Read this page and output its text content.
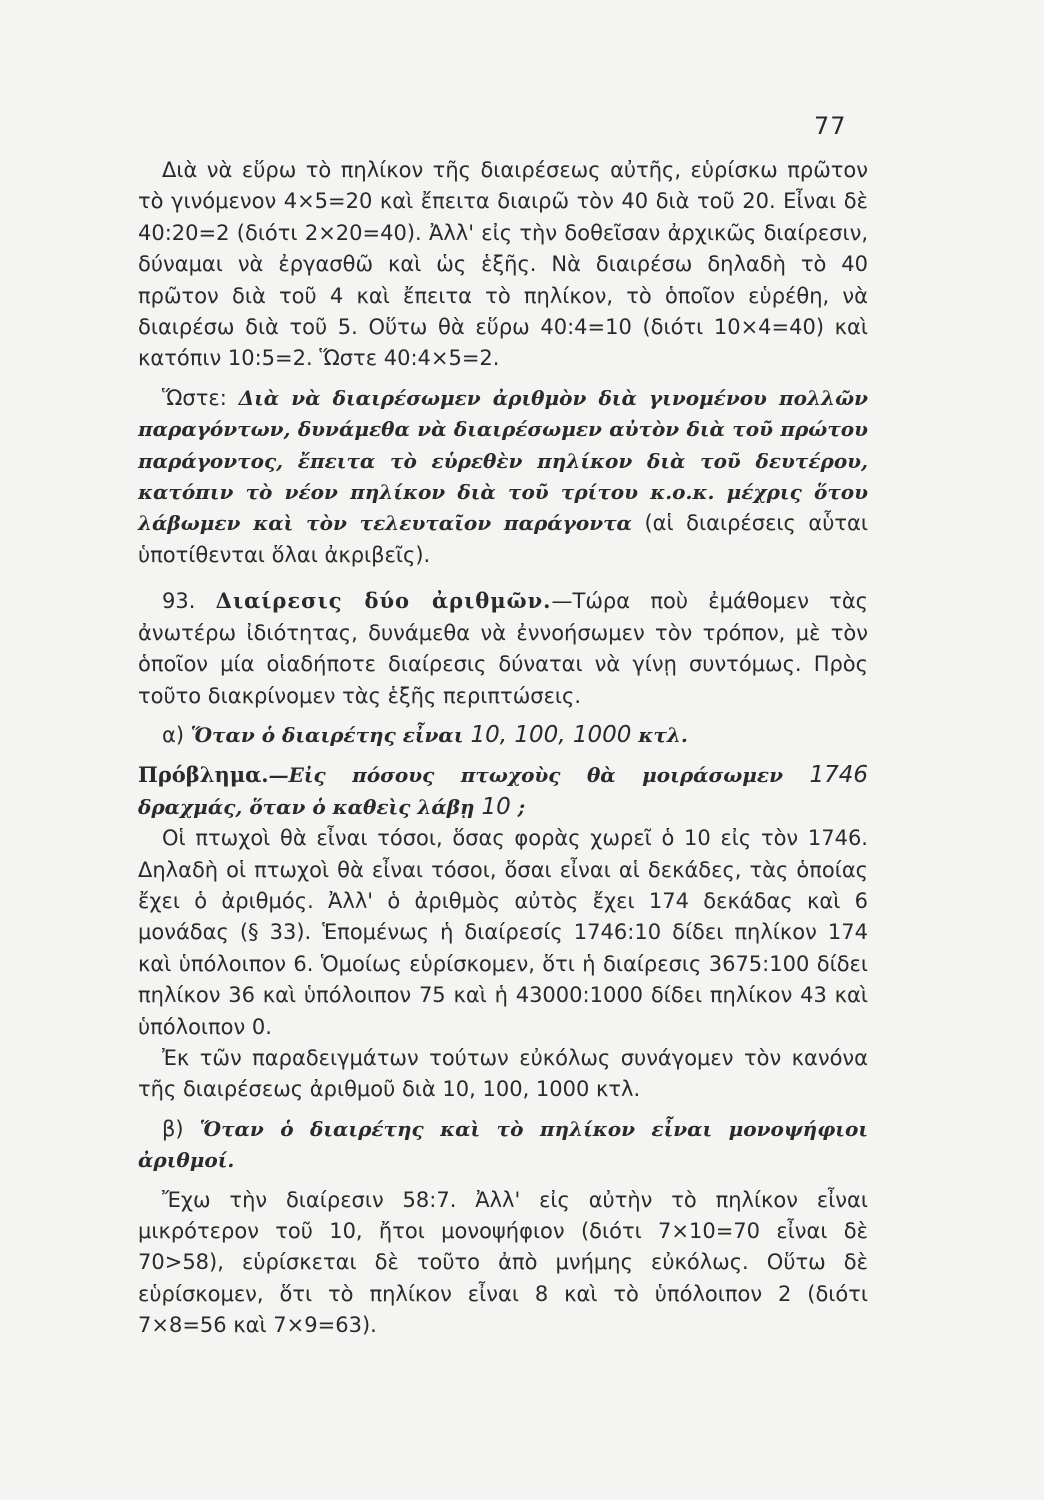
77

Διὰ νὰ εὕρω τὸ πηλίκον τῆς διαιρέσεως αὐτῆς, εὑρίσκω πρῶτον τὸ γινόμενον 4×5=20 καὶ ἔπειτα διαιρῶ τὸν 40 διὰ τοῦ 20. Εἶναι δὲ 40:20=2 (διότι 2×20=40). Ἀλλ' εἰς τὴν δοθεῖσαν ἀρχικῶς διαίρεσιν, δύναμαι νὰ ἐργασθῶ καὶ ὡς ἑξῆς. Νὰ διαιρέσω δηλαδὴ τὸ 40 πρῶτον διὰ τοῦ 4 καὶ ἔπειτα τὸ πηλίκον, τὸ ὁποῖον εὑρέθη, νὰ διαιρέσω διὰ τοῦ 5. Οὕτω θὰ εὕρω 40:4=10 (διότι 10×4=40) καὶ κατόπιν 10:5=2. Ὥστε 40:4×5=2.

Ὥστε: Διὰ νὰ διαιρέσωμεν ἀριθμὸν διὰ γινομένου πολλῶν παραγόντων, δυνάμεθα νὰ διαιρέσωμεν αὐτὸν διὰ τοῦ πρώτου παράγοντος, ἔπειτα τὸ εὑρεθὲν πηλίκον διὰ τοῦ δευτέρου, κατόπιν τὸ νέον πηλίκον διὰ τοῦ τρίτου κ.ο.κ. μέχρις ὅτου λάβωμεν καὶ τὸν τελευταῖον παράγοντα (αἱ διαιρέσεις αὗται ὑποτίθενται ὅλαι ἀκριβεῖς).

93. Διαίρεσις δύο ἀριθμῶν.—Τώρα ποὺ ἐμάθομεν τὰς ἀνωτέρω ἰδιότητας, δυνάμεθα νὰ ἐννοήσωμεν τὸν τρόπον, μὲ τὸν ὁποῖον μία οἱαδήποτε διαίρεσις δύναται νὰ γίνῃ συντόμως. Πρὸς τοῦτο διακρίνομεν τὰς ἑξῆς περιπτώσεις.

α) Ὅταν ὁ διαιρέτης εἶναι 10, 100, 1000 κτλ.

Πρόβλημα.—Εἰς πόσους πτωχοὺς θὰ μοιράσωμεν 1746 δραχμάς, ὅταν ὁ καθεὶς λάβῃ 10 ;

Οἱ πτωχοὶ θὰ εἶναι τόσοι, ὅσας φορὰς χωρεῖ ὁ 10 εἰς τὸν 1746. Δηλαδὴ οἱ πτωχοὶ θὰ εἶναι τόσοι, ὅσαι εἶναι αἱ δεκάδες, τὰς ὁποίας ἔχει ὁ ἀριθμός. Ἀλλ' ὁ ἀριθμὸς αὐτὸς ἔχει 174 δεκάδας καὶ 6 μονάδας (§ 33). Ἑπομένως ἡ διαίρεσίς 1746:10 δίδει πηλίκον 174 καὶ ὑπόλοιπον 6. Ὁμοίως εὑρίσκομεν, ὅτι ἡ διαίρεσις 3675:100 δίδει πηλίκον 36 καὶ ὑπόλοιπον 75 καὶ ἡ 43000:1000 δίδει πηλίκον 43 καὶ ὑπόλοιπον 0.

Ἐκ τῶν παραδειγμάτων τούτων εὐκόλως συνάγομεν τὸν κανόνα τῆς διαιρέσεως ἀριθμοῦ διὰ 10, 100, 1000 κτλ.

β) Ὅταν ὁ διαιρέτης καὶ τὸ πηλίκον εἶναι μονοψήφιοι ἀριθμοί.

Ἔχω τὴν διαίρεσιν 58:7. Ἀλλ' εἰς αὐτὴν τὸ πηλίκον εἶναι μικρότερον τοῦ 10, ἤτοι μονοψήφιον (διότι 7×10=70 εἶναι δὲ 70>58), εὑρίσκεται δὲ τοῦτο ἀπὸ μνήμης εὐκόλως. Οὕτω δὲ εὑρίσκομεν, ὅτι τὸ πηλίκον εἶναι 8 καὶ τὸ ὑπόλοιπον 2 (διότι 7×8=56 καὶ 7×9=63).
